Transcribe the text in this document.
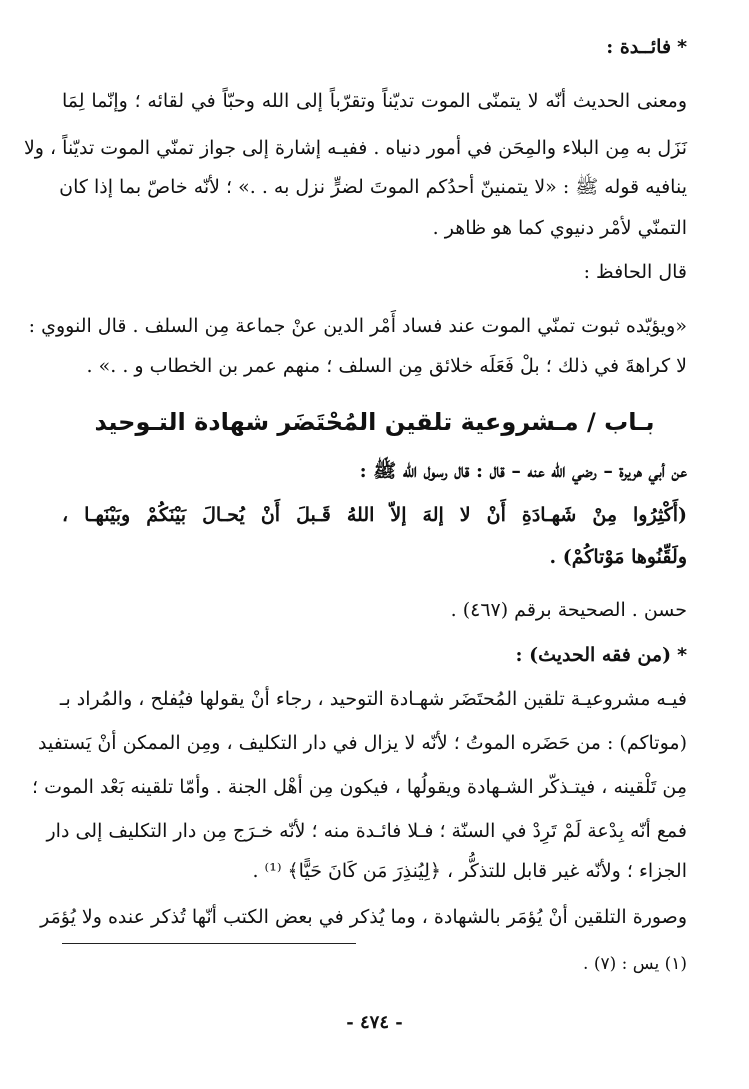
*فائــدة :
ومعنى الحديث أنّه لا يتمنّى الموت تديّناً وتقرّباً إلى الله وحبّاً في لقائه ؛ وإنّما لِمَا
نَزَل به مِن البلاء والمِحَن في أمور دنياه . ففيـه إشارة إلى جواز تمنّي الموت تديّناً ، ولا
ينافيه قوله ﷺ : «لا يتمنينّ أحدُكم الموتَ لضرٍّ نزل به . .» ؛ لأنّه خاصّ بما إذا كان
التمنّي لأمْر دنيوي كما هو ظاهر .
قال الحافظ :
«ويؤيّده ثبوت تمنّي الموت عند فساد أَمْر الدين عنْ جماعة مِن السلف . قال النووي :
لا كراهةَ في ذلك ؛ بلْ فَعَلَه خلائق مِن السلف ؛ منهم عمر بن الخطاب و . .» .
بـاب / مـشروعية تلقين المُحْتَضَر شهادة التـوحيد
عن أبي هريرة – رضي الله عنه – قال : قال رسول الله ﷺ :
(أَكْثِرُوا مِنْ شَهـادَةِ أَنْ لا إلهَ إلاّ اللهُ قَـبلَ أَنْ يُحـالَ بَيْنَكُمْ وبَيْنَهـا ،
ولَقِّنُوها مَوْتاكُمْ) .
حسن . الصحيحة برقم (٤٦٧) .
*(من فقه الحديث) :
فيـه مشروعيـة تلقين المُحتَضَر شهـادة التوحيد ، رجاء أنْ يقولها فيُفلح ، والمُراد بـ
(موتاكم) : من حَضَره الموتُ ؛ لأنّه لا يزال في دار التكليف ، ومِن الممكن أنْ يَستفيد
مِن تَلْقينه ، فيتـذكّر الشـهادة ويقولُها ، فيكون مِن أهْل الجنة . وأمّا تلقينه بَعْد الموت ؛
فمع أنّه بِدْعة لَمْ تَرِدْ في السنّة ؛ فـلا فائـدة منه ؛ لأنّه خـرَج مِن دار التكليف إلى دار
الجزاء ؛ ولأنّه غير قابل للتذكُّر ، ﴿لِيُنذِرَ مَن كَانَ حَيًّا﴾ ⁽¹⁾ .
وصورة التلقين أنْ يُؤمَر بالشهادة ، وما يُذكر في بعض الكتب أنّها تُذكر عنده ولا يُؤمَر
(١) يس : (٧) .
- ٤٧٤ -
